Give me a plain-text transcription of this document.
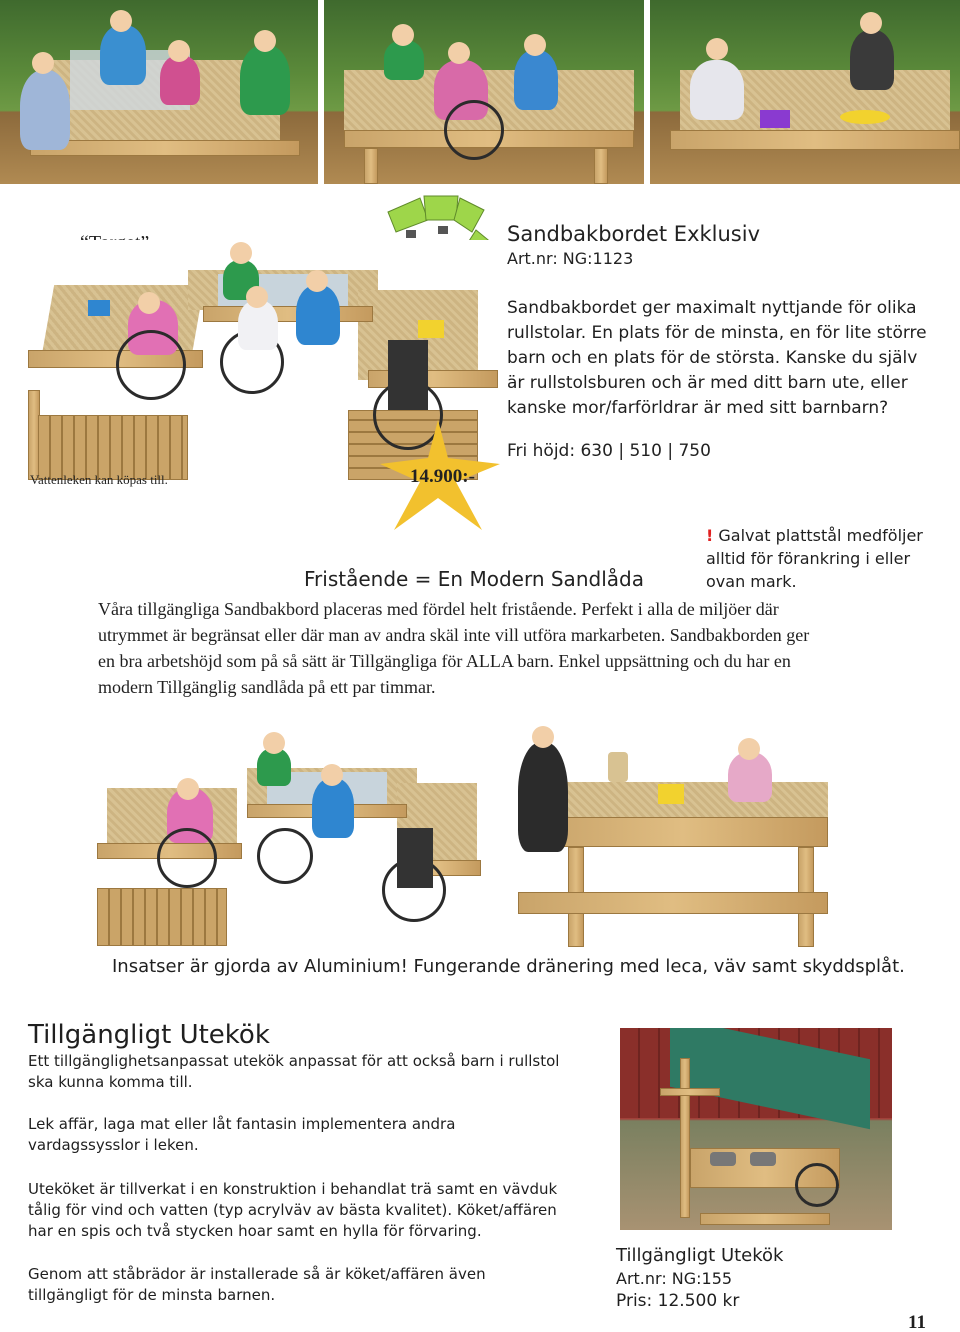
Vattenleken kan köpas till.	14.900:-
Sandbakbordet Exklusiv
Art.nr: NG:1123
Sandbakbordet ger maximalt nyttjande för olika rullstolar. En plats för de minsta, en för lite större barn och en plats för de största. Kanske du själv är rullstolsburen och är med ditt barn ute, eller kanske mor/farförldrar är med sitt barnbarn?
Fri höjd: 630 | 510 | 750
! Galvat plattstål medföljer alltid för förankring i eller ovan mark.
Fristående = En Modern Sandlåda
Våra tillgängliga Sandbakbord placeras med fördel helt fristående. Perfekt i alla de miljöer där utrymmet är begränsat eller där man av andra skäl inte vill utföra markarbeten. Sandbakborden ger en bra arbetshöjd som på så sätt är Tillgängliga för ALLA barn. Enkel uppsättning och du har en modern Tillgänglig sandlåda på ett par timmar.
Insatser är gjorda av Aluminium! Fungerande dränering med leca, väv samt skyddsplåt.
Tillgängligt Utekök
Ett tillgänglighetsanpassat utekök anpassat för att också barn i rullstol ska kunna komma till.
Lek affär, laga mat eller låt fantasin implementera andra vardagssysslor i leken.
Uteköket är tillverkat i en konstruktion i behandlat trä samt en vävduk tålig för vind och vatten (typ acrylväv av bästa kvalitet). Köket/affären har en spis och två stycken hoar samt en hylla för förvaring.
Genom att ståbrädor är installerade så är köket/affären även tillgängligt för de minsta barnen.
Tillgängligt Utekök
Art.nr: NG:155
Pris: 12.500 kr
11
